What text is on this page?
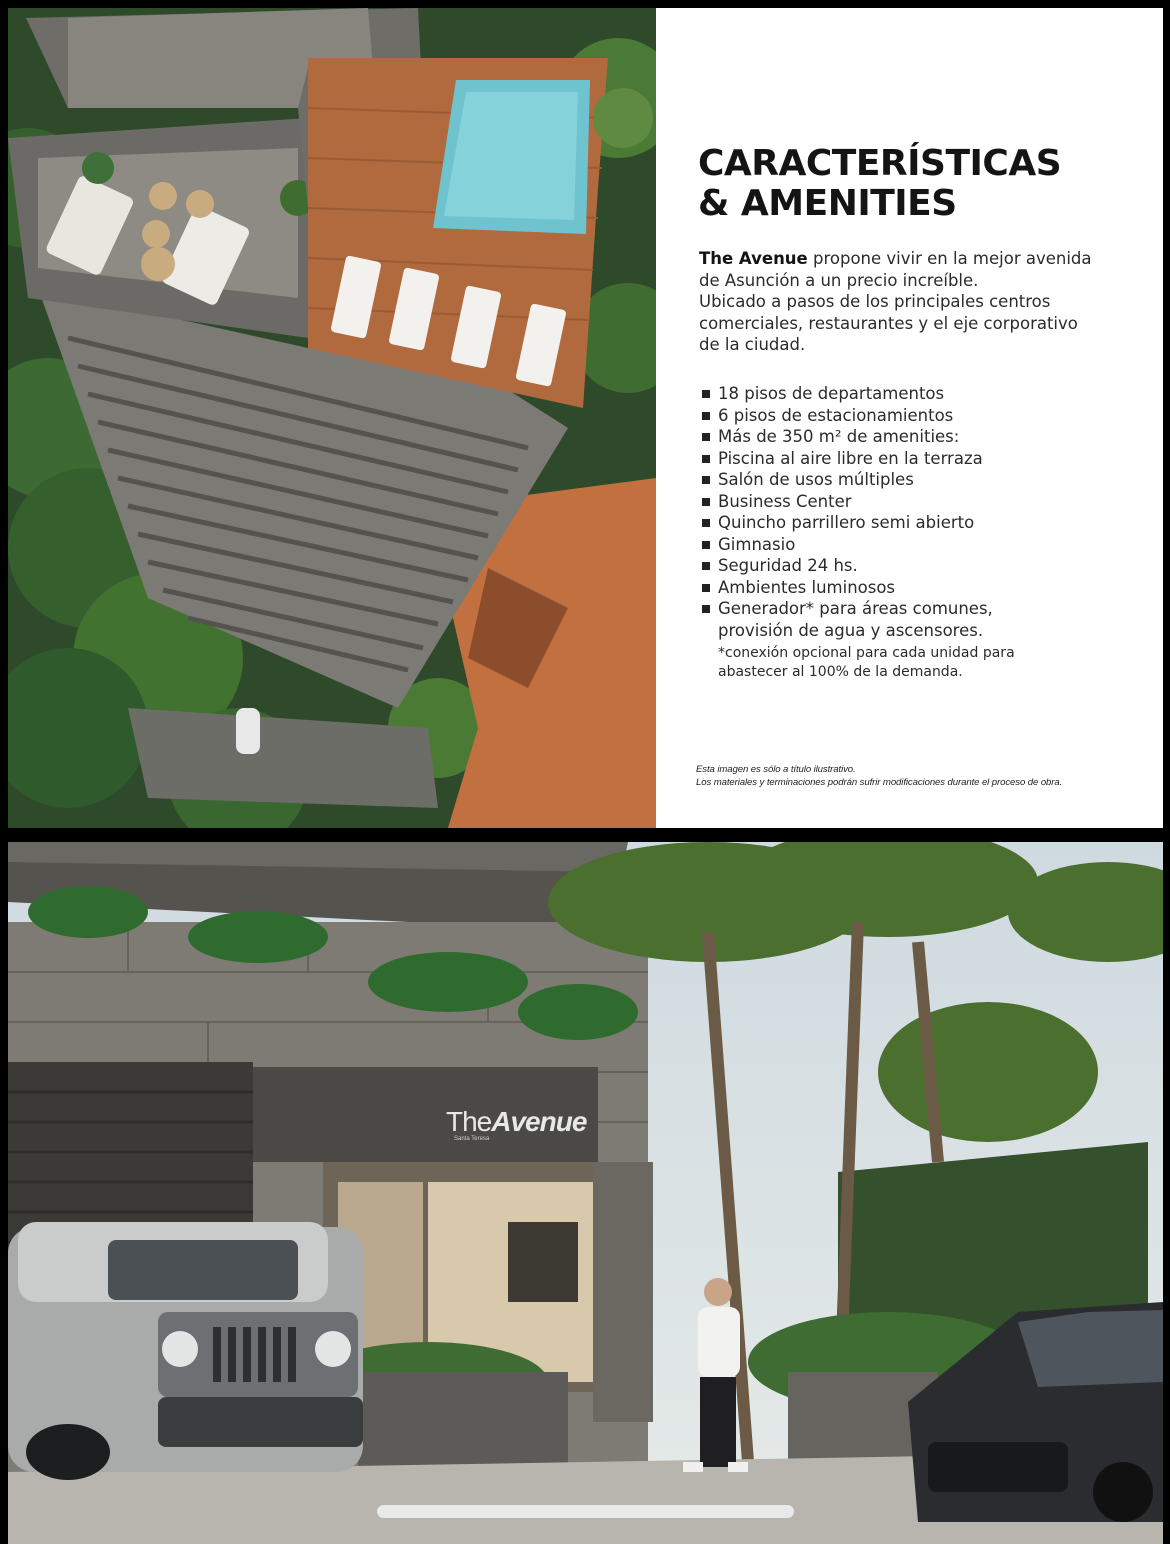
CARACTERÍSTICAS
& AMENITIES

The Avenue propone vivir en la mejor avenida
de Asunción a un precio increíble.
Ubicado a pasos de los principales centros
comerciales, restaurantes y el eje corporativo
de la ciudad.

18 pisos de departamentos
6 pisos de estacionamientos
Más de 350 m² de amenities:
Piscina al aire libre en la terraza
Salón de usos múltiples
Business Center
Quincho parrillero semi abierto
Gimnasio
Seguridad 24 hs.
Ambientes luminosos
Generador* para áreas comunes,
provisión de agua y ascensores.

*conexión opcional para cada unidad para
abastecer al 100% de la demanda.

Esta imagen es sólo a título ilustrativo.
Los materiales y terminaciones podrán sufrir modificaciones durante el proceso de obra.

TheAvenue
Santa Teresa
